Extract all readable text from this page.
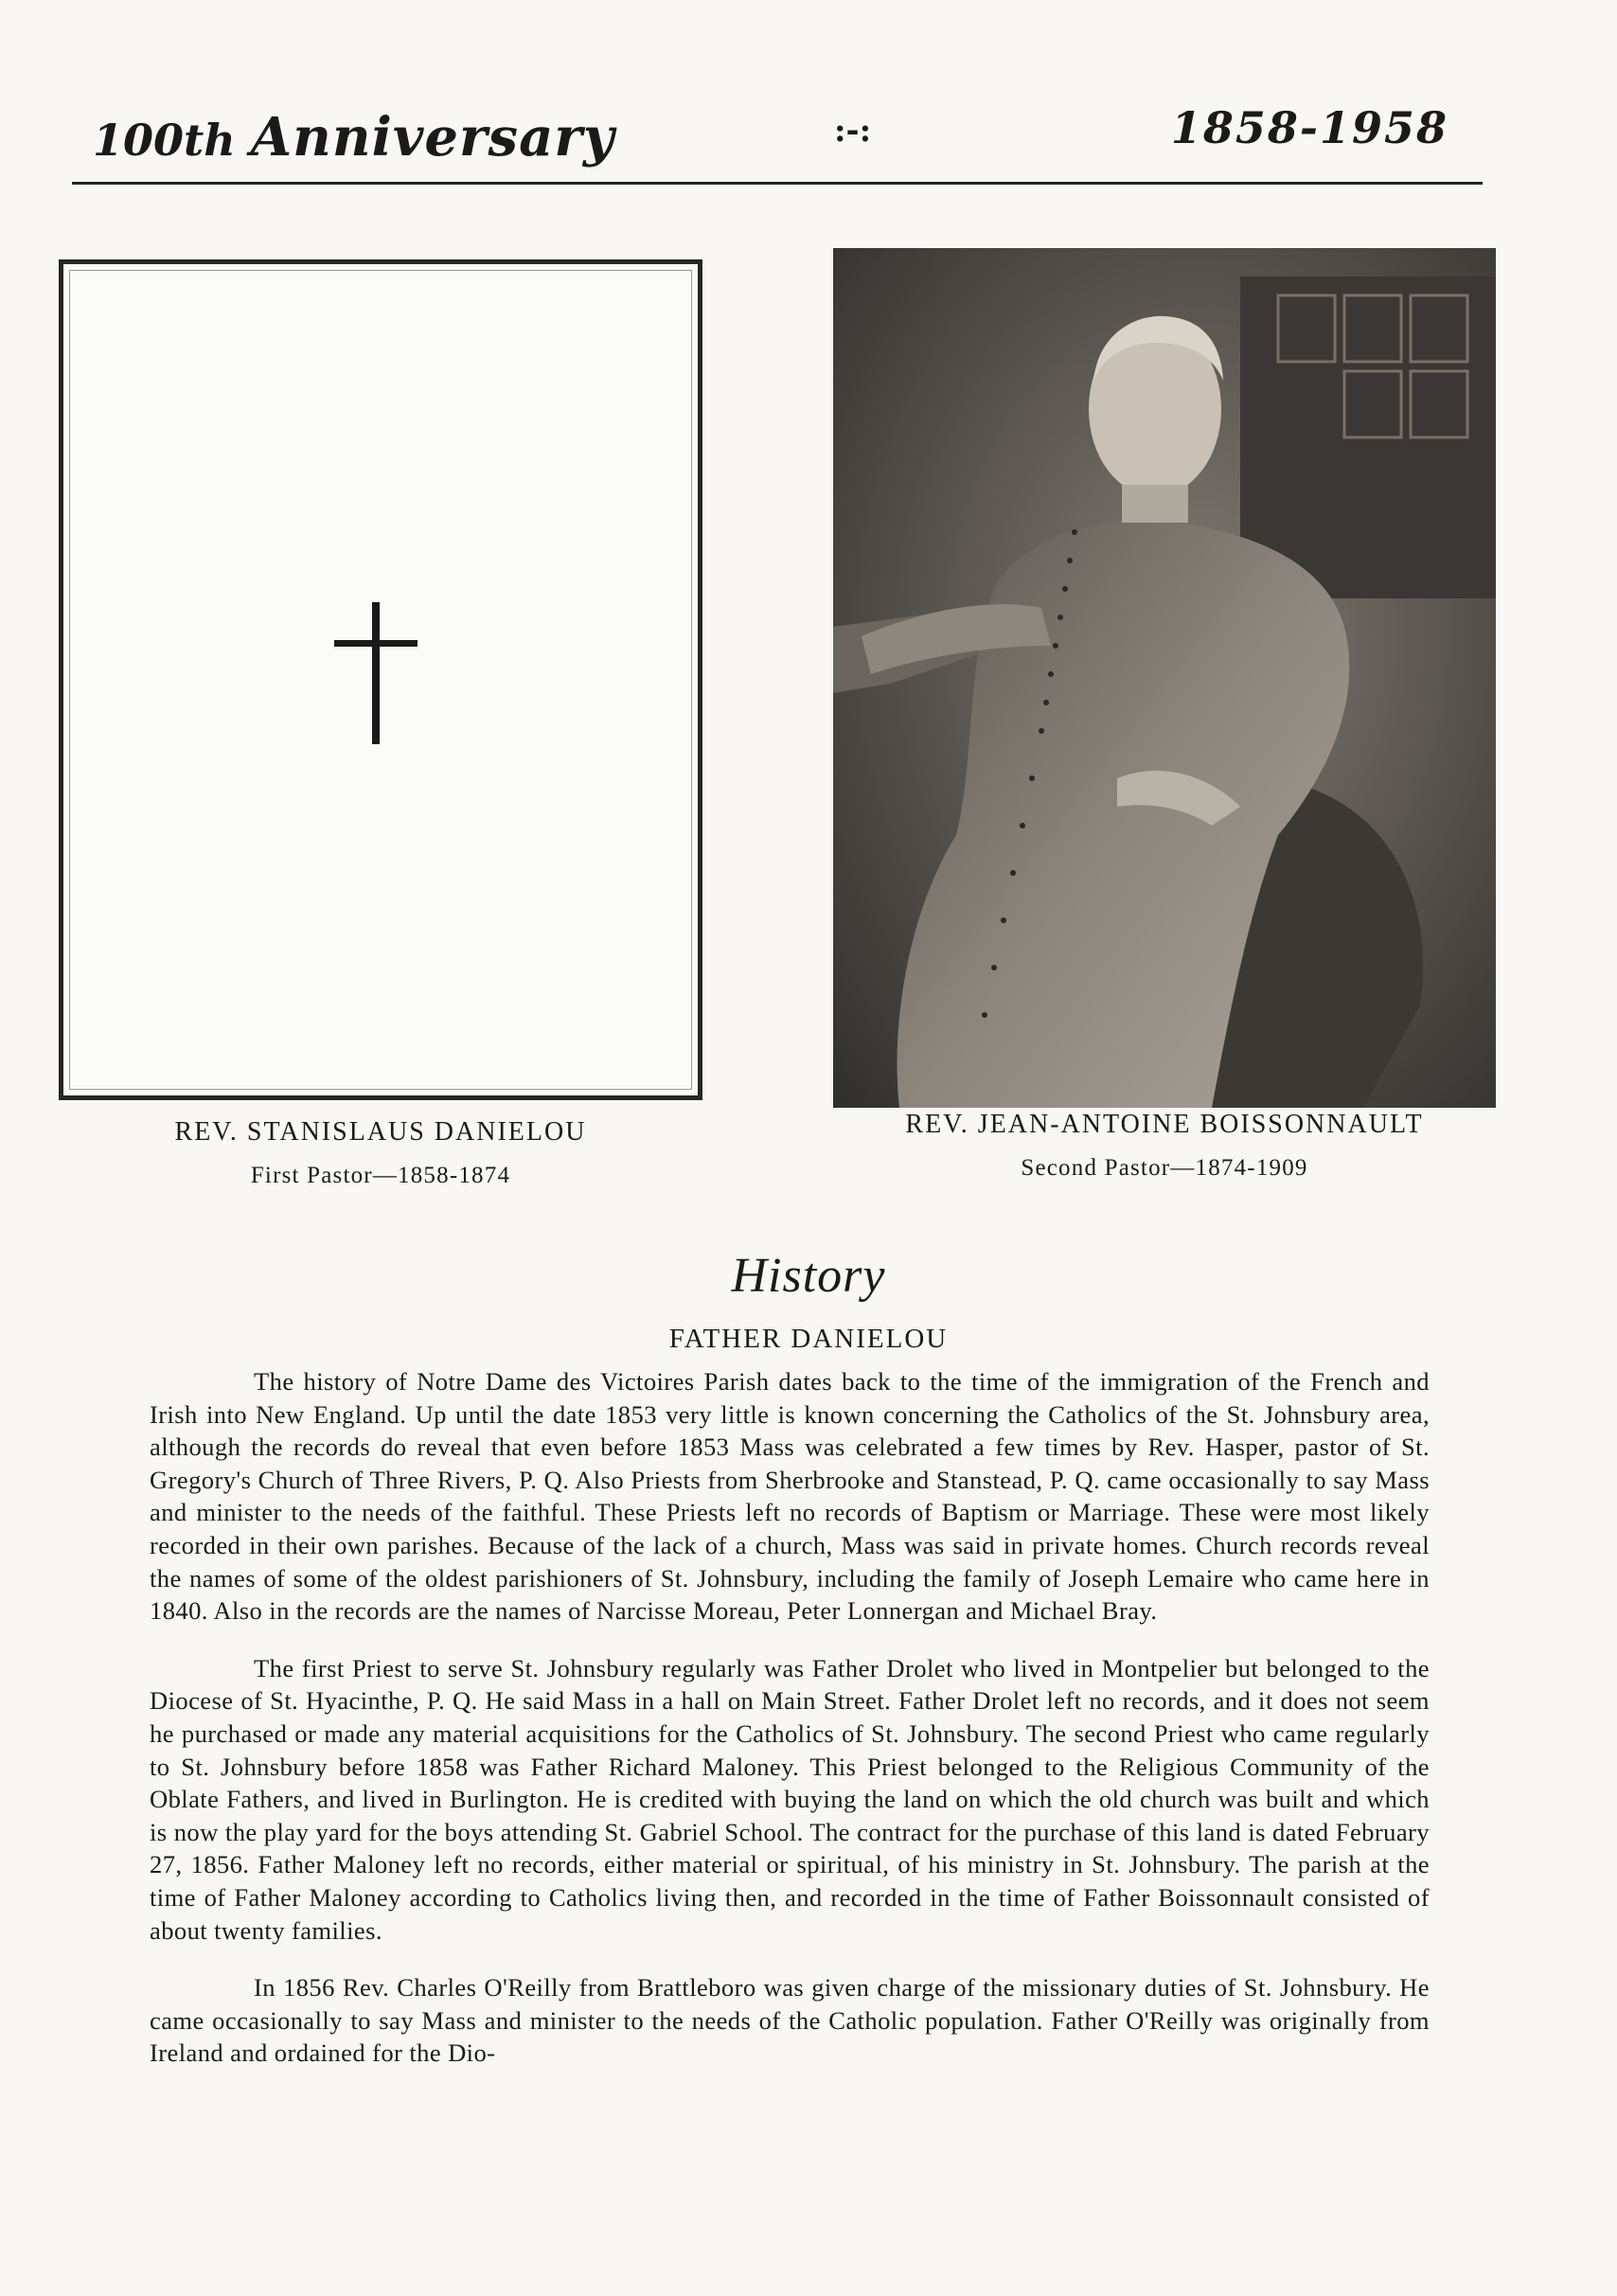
100th Anniversary	:-:	1858-1958
REV. STANISLAUS DANIELOU
First Pastor—1858-1874
REV. JEAN-ANTOINE BOISSONNAULT
Second Pastor—1874-1909
History
FATHER DANIELOU

The history of Notre Dame des Victoires Parish dates back to the time of the immigration of the French and Irish into New England. Up until the date 1853 very little is known concerning the Catholics of the St. Johnsbury area, although the records do reveal that even before 1853 Mass was celebrated a few times by Rev. Hasper, pastor of St. Gregory's Church of Three Rivers, P. Q. Also Priests from Sherbrooke and Stanstead, P. Q. came occasionally to say Mass and minister to the needs of the faithful. These Priests left no records of Baptism or Marriage. These were most likely recorded in their own parishes. Because of the lack of a church, Mass was said in private homes. Church records reveal the names of some of the oldest parishioners of St. Johnsbury, including the family of Joseph Lemaire who came here in 1840. Also in the records are the names of Narcisse Moreau, Peter Lonnergan and Michael Bray.

The first Priest to serve St. Johnsbury regularly was Father Drolet who lived in Montpelier but belonged to the Diocese of St. Hyacinthe, P. Q. He said Mass in a hall on Main Street. Father Drolet left no records, and it does not seem he purchased or made any material acquisitions for the Catholics of St. Johnsbury. The second Priest who came regularly to St. Johnsbury before 1858 was Father Richard Maloney. This Priest belonged to the Religious Community of the Oblate Fathers, and lived in Burlington. He is credited with buying the land on which the old church was built and which is now the play yard for the boys attending St. Gabriel School. The contract for the purchase of this land is dated February 27, 1856. Father Maloney left no records, either material or spiritual, of his ministry in St. Johnsbury. The parish at the time of Father Maloney according to Catholics living then, and recorded in the time of Father Boissonnault consisted of about twenty families.

In 1856 Rev. Charles O'Reilly from Brattleboro was given charge of the missionary duties of St. Johnsbury. He came occasionally to say Mass and minister to the needs of the Catholic population. Father O'Reilly was originally from Ireland and ordained for the Dio-
